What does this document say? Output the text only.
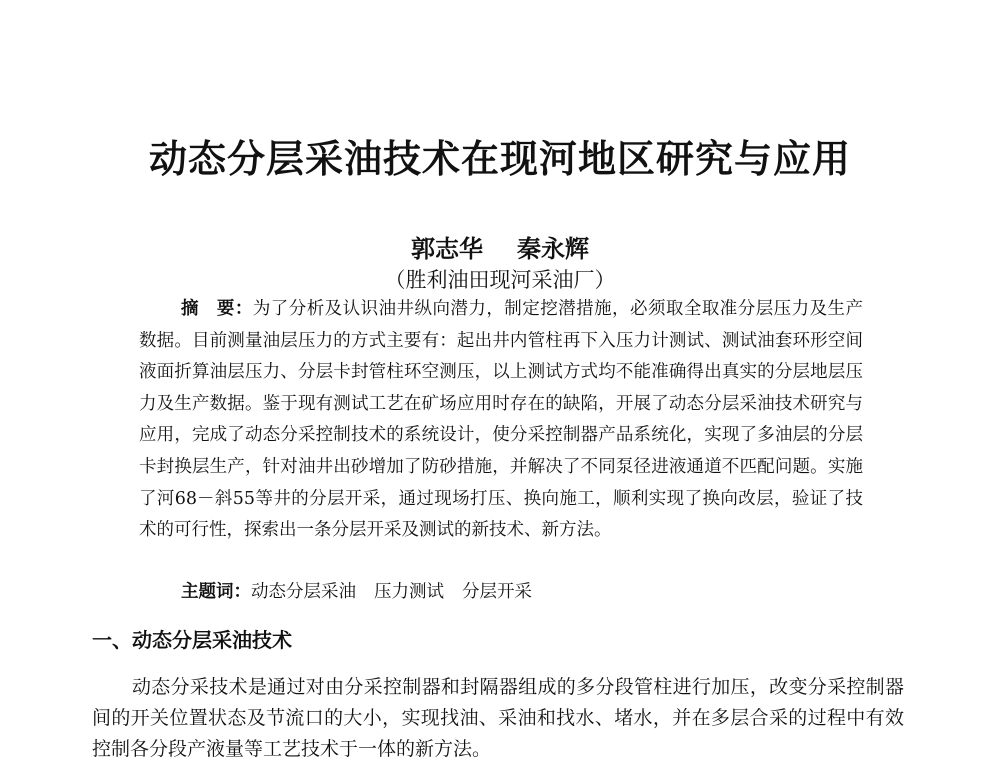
动态分层采油技术在现河地区研究与应用
郭志华 秦永辉
（胜利油田现河采油厂）

摘　要：为了分析及认识油井纵向潜力，制定挖潜措施，必须取全取准分层压力及生产数据。目前测量油层压力的方式主要有：起出井内管柱再下入压力计测试、测试油套环形空间液面折算油层压力、分层卡封管柱环空测压，以上测试方式均不能准确得出真实的分层地层压力及生产数据。鉴于现有测试工艺在矿场应用时存在的缺陷，开展了动态分层采油技术研究与应用，完成了动态分采控制技术的系统设计，使分采控制器产品系统化，实现了多油层的分层卡封换层生产，针对油井出砂增加了防砂措施，并解决了不同泵径进液通道不匹配问题。实施了河68－斜55等井的分层开采，通过现场打压、换向施工，顺利实现了换向改层，验证了技术的可行性，探索出一条分层开采及测试的新技术、新方法。

主题词：动态分层采油 压力测试 分层开采
一、动态分层采油技术

动态分采技术是通过对由分采控制器和封隔器组成的多分段管柱进行加压，改变分采控制器间的开关位置状态及节流口的大小，实现找油、采油和找水、堵水，并在多层合采的过程中有效控制各分段产液量等工艺技术于一体的新方法。
